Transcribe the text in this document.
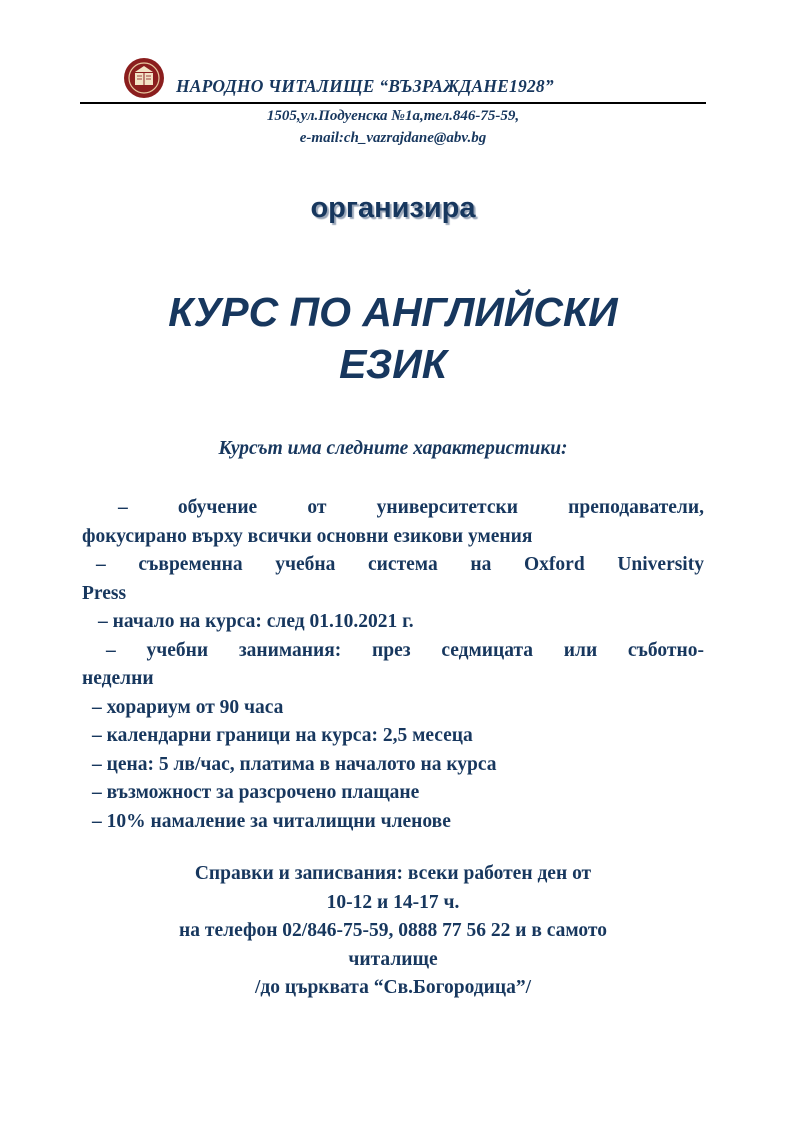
НАРОДНО ЧИТАЛИЩЕ “ВЪЗРАЖДАНЕ1928”
1505,ул.Подуенска №1а,тел.846-75-59,
e-mail:ch_vazrajdane@abv.bg
организира
КУРС ПО АНГЛИЙСКИ
ЕЗИК
Курсът има следните характеристики:
–	обучение	от	университетски	преподаватели,
фокусирано върху всички основни езикови умения
– съвременна учебна система на Oxford University
Press
– начало на курса: след 01.10.2021 г.
– учебни занимания: през седмицата или съботно-
неделни
– хорариум от 90 часа
– календарни граници на курса: 2,5 месеца
– цена: 5 лв/час, платима в началото на курса
– възможност за разсрочено плащане
– 10% намаление за читалищни членове
Справки и записвания: всеки работен ден от
10-12 и 14-17 ч.
на телефон 02/846-75-59, 0888 77 56 22 и в самото
читалище
/до църквата “Св.Богородица”/
